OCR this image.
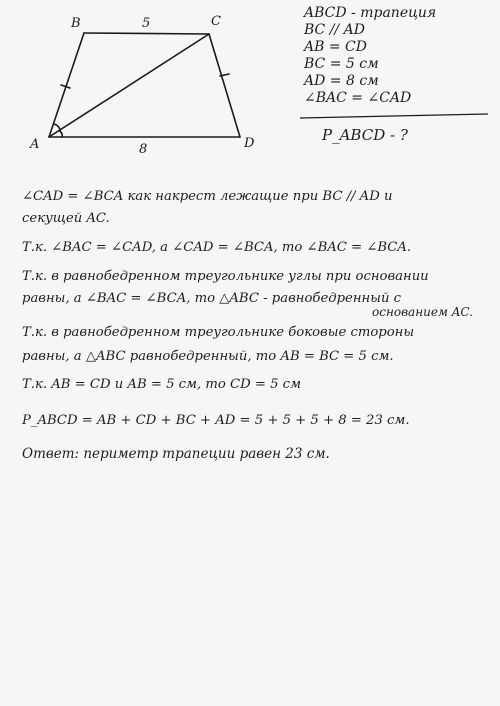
A
B	C
D
5
8
ABCD - трапеция
BC // AD
AB = CD
BC = 5 см
AD = 8 см
∠BAC = ∠CAD
P_ABCD - ?
∠CAD = ∠BCA как накрест лежащие при BC // AD и
секущей AC.
Т.к. ∠BAC = ∠CAD, а ∠CAD = ∠BCA, то ∠BAC = ∠BCA.
Т.к. в равнобедренном треугольнике углы при основании
равны, а ∠BAC = ∠BCA, то △ABC - равнобедренный с
основанием AC.
Т.к. в равнобедренном треугольнике боковые стороны
равны, а △ABC равнобедренный, то AB = BC = 5 см.
Т.к. AB = CD и AB = 5 см, то CD = 5 см
P_ABCD = AB + CD + BC + AD = 5 + 5 + 5 + 8 = 23 см.
Ответ: периметр трапеции равен 23 см.
